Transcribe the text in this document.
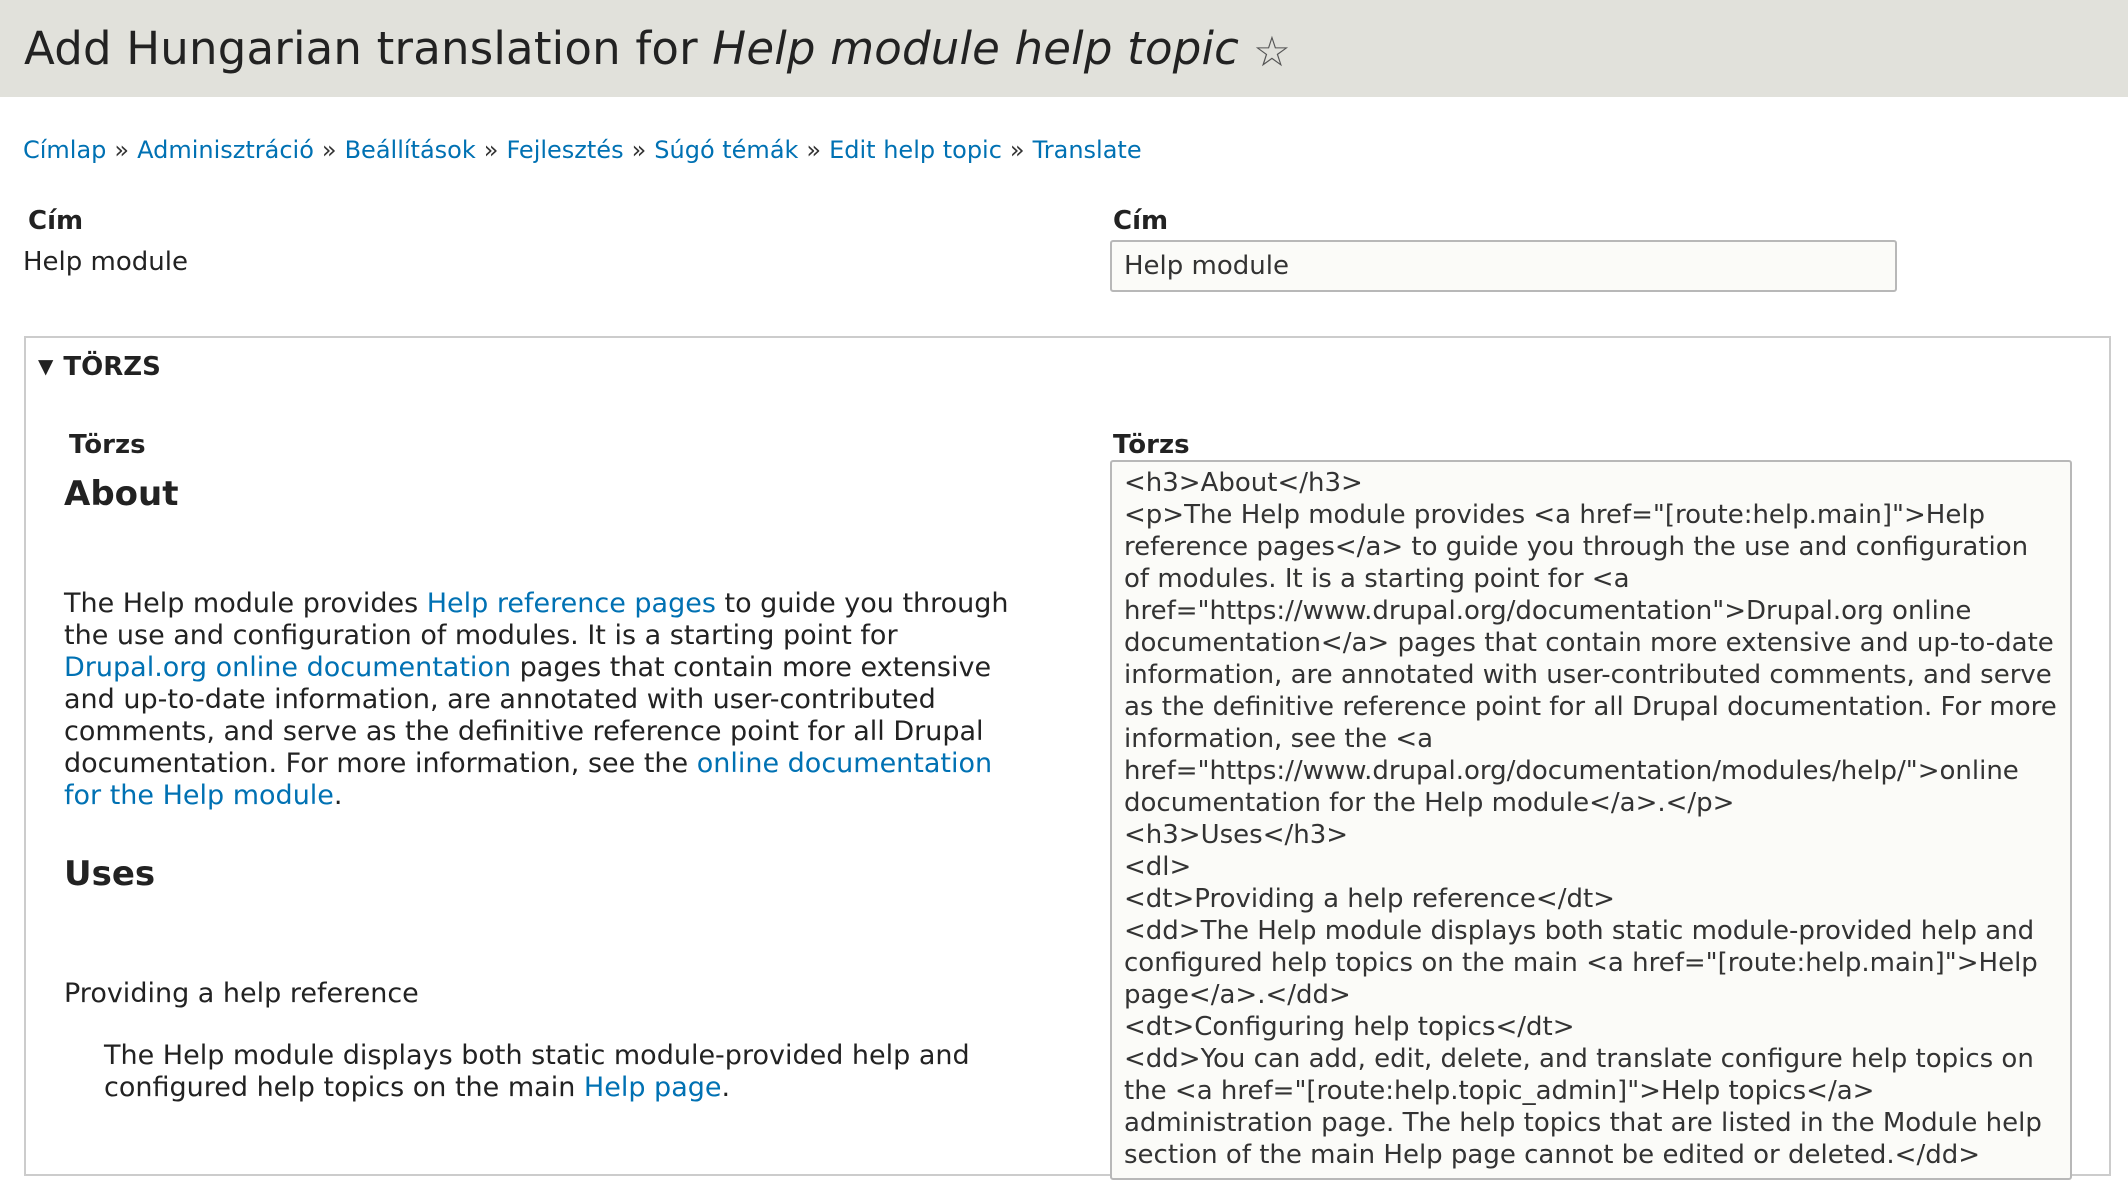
Add Hungarian translation for Help module help topic ☆
Címlap » Adminisztráció » Beállítások » Fejlesztés » Súgó témák » Edit help topic » Translate
Cím
Help module
Cím
Help module
▼ TÖRZS
Törzs	Törzs
About

The Help module provides Help reference pages to guide you through the use and configuration of modules. It is a starting point for Drupal.org online documentation pages that contain more extensive and up-to-date information, are annotated with user-contributed comments, and serve as the definitive reference point for all Drupal documentation. For more information, see the online documentation for the Help module.

Uses

Providing a help reference

The Help module displays both static module-provided help and configured help topics on the main Help page.

<h3>About</h3>
<p>The Help module provides <a href="[route:help.main]">Help reference pages</a> to guide you through the use and configuration of modules. It is a starting point for <a href="https://www.drupal.org/documentation">Drupal.org online documentation</a> pages that contain more extensive and up-to-date information, are annotated with user-contributed comments, and serve as the definitive reference point for all Drupal documentation. For more information, see the <a href="https://www.drupal.org/documentation/modules/help/">online documentation for the Help module</a>.</p>
<h3>Uses</h3>
<dl>
<dt>Providing a help reference</dt>
<dd>The Help module displays both static module-provided help and configured help topics on the main <a href="[route:help.main]">Help page</a>.</dd>
<dt>Configuring help topics</dt>
<dd>You can add, edit, delete, and translate configure help topics on the <a href="[route:help.topic_admin]">Help topics</a> administration page. The help topics that are listed in the Module help section of the main Help page cannot be edited or deleted.</dd>
